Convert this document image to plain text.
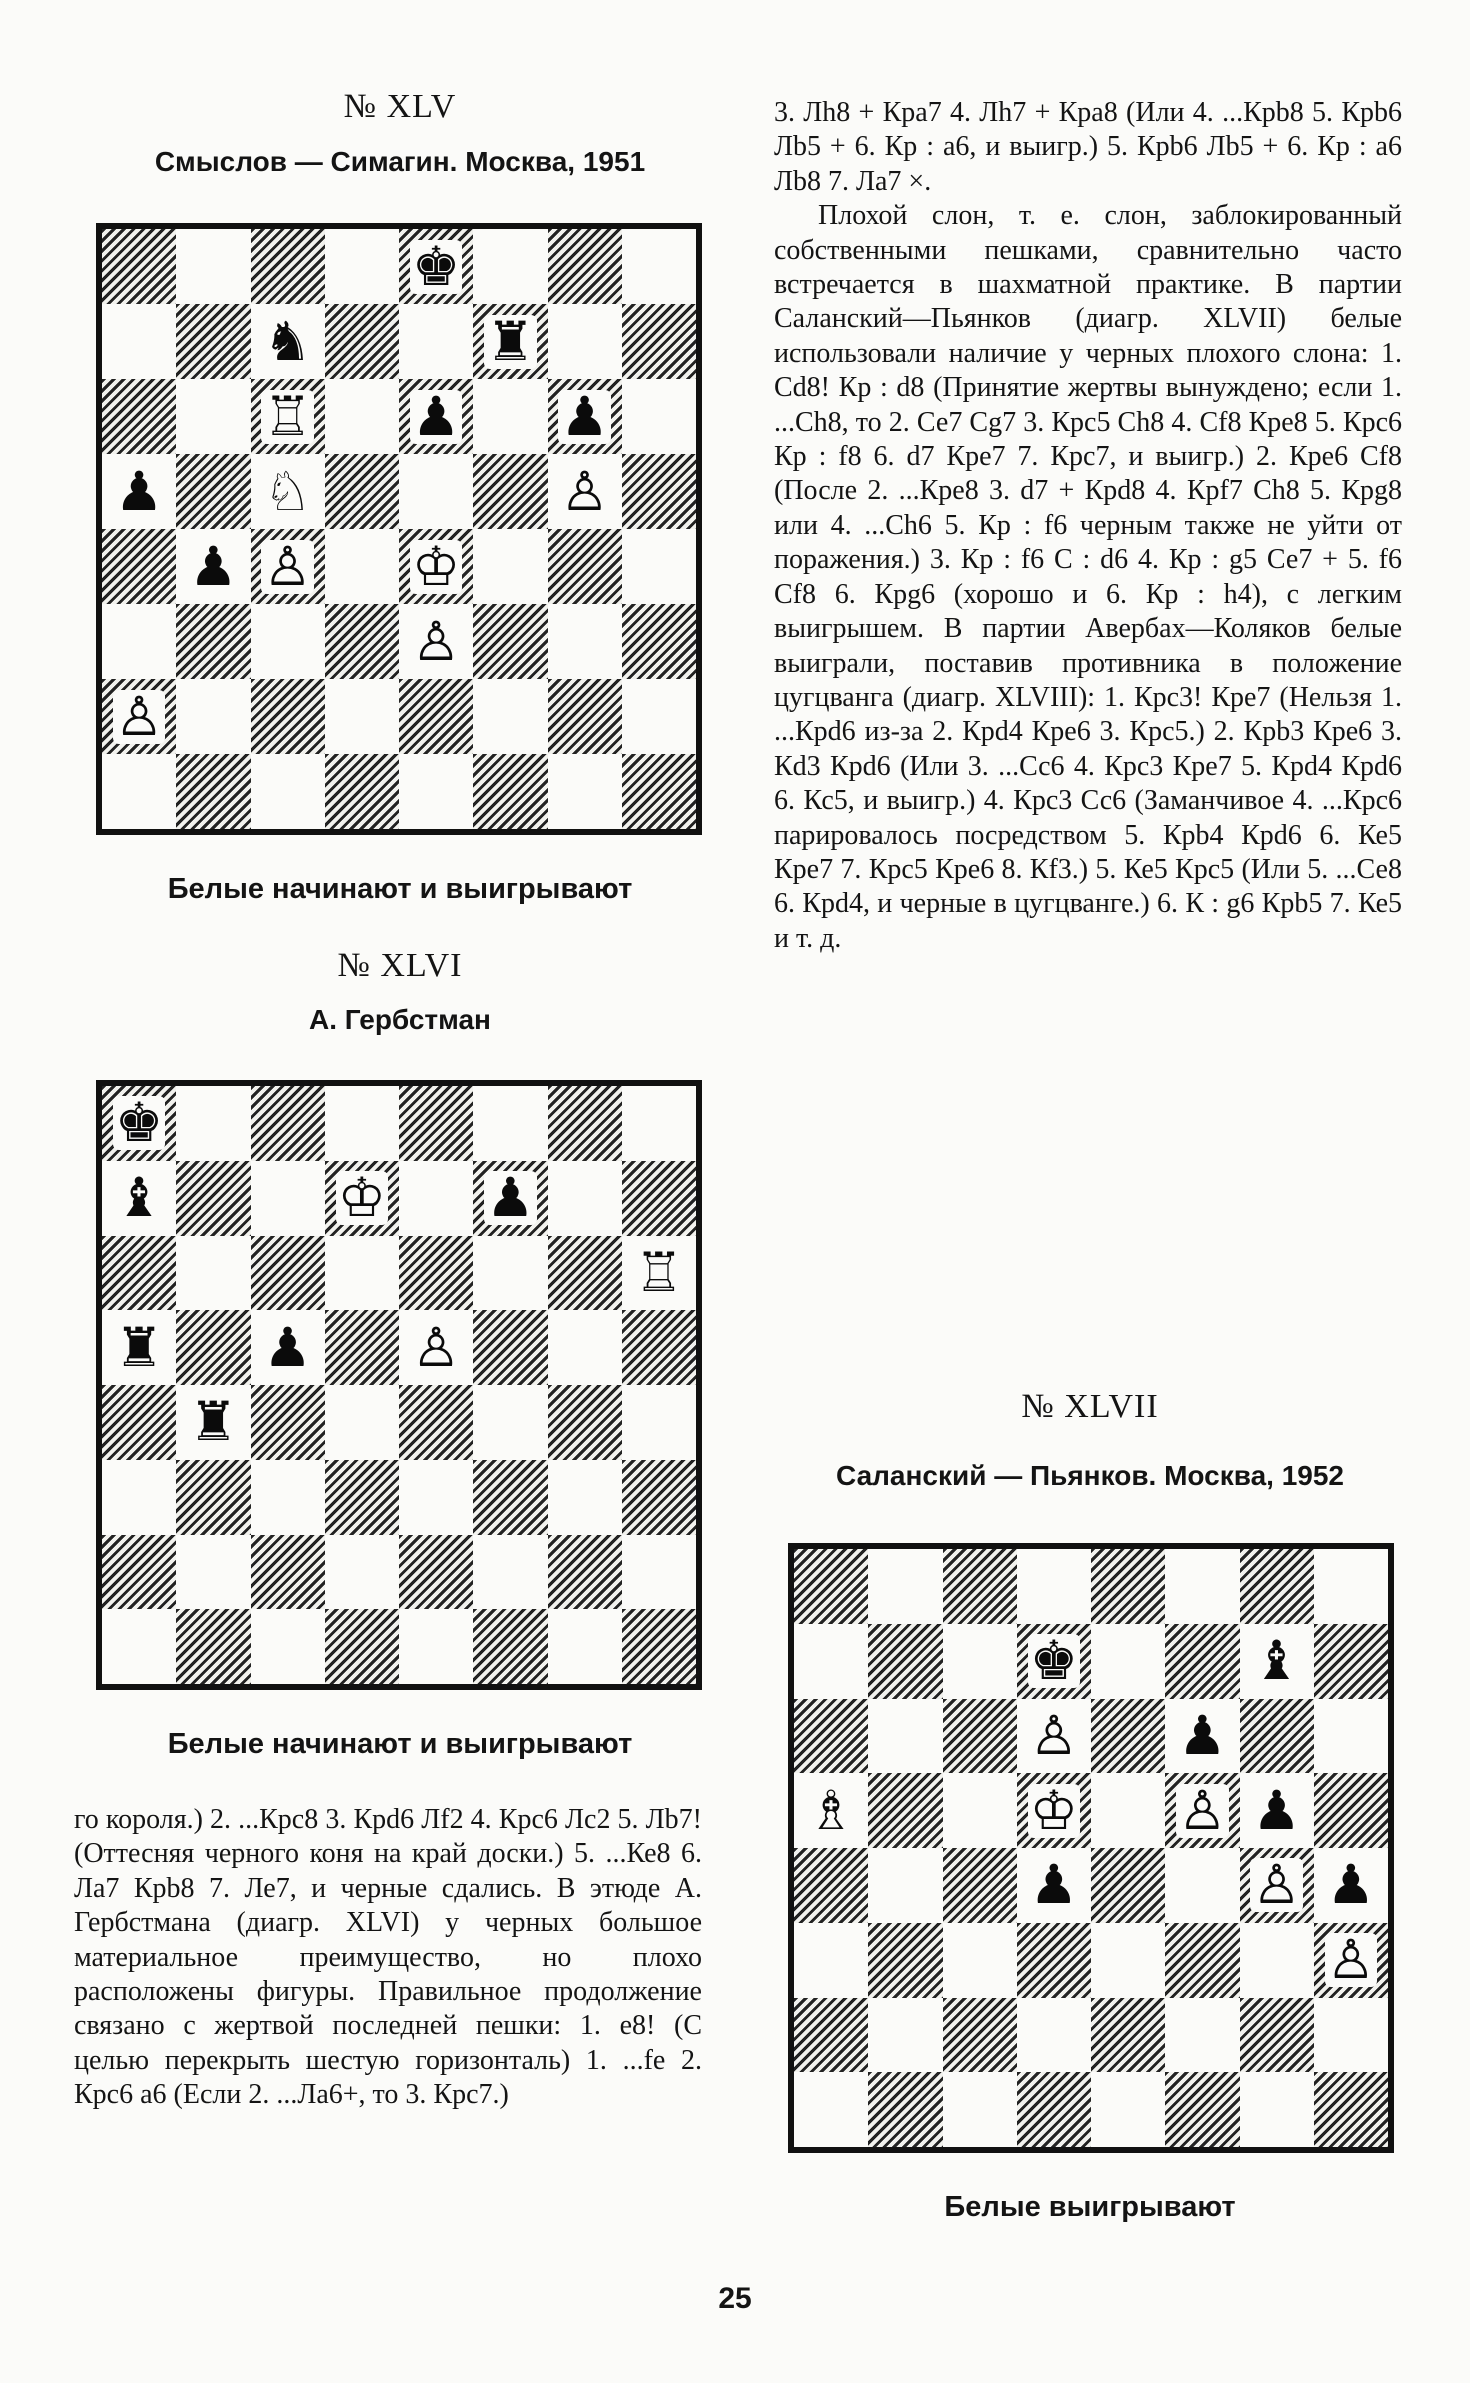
№ XLV
Смыслов — Симагин. Москва, 1951
♚
♞	♜
♖ ♟ ♟
♟ ♘	♙
♟ ♙ ♔
♙
♙
Белые начинают и выигрывают
№ XLVI
А. Гербстман
♚
♝	♔ ♟
♖
♜ ♟ ♙
♜
Белые начинают и выигрывают

го короля.) 2. ...Крс8 3. Крd6 Лf2 4. Крс6 Лс2 5. Лb7! (Оттесняя черного коня на край доски.) 5. ...Ке8 6. Ла7 Крb8 7. Ле7, и черные сдались. В этюде А. Гербстмана (диагр. XLVI) у черных большое материальное преимущество, но плохо расположены фигуры. Правильное продолжение связано с жертвой последней пешки: 1. е8! (С целью перекрыть шестую горизонталь) 1. ...fе 2. Крс6 а6 (Если 2. ...Ла6+, то 3. Крс7.)

3. Лh8 + Кра7 4. Лh7 + Кра8 (Или 4. ...Крb8 5. Крb6 Лb5 + 6. Кр : а6, и выигр.) 5. Крb6 Лb5 + 6. Кр : а6 Лb8 7. Ла7 ×.

Плохой слон, т. е. слон, заблокированный собственными пешками, сравнительно часто встречается в шахматной практике. В партии Саланский—Пьянков (диагр. XLVII) белые использовали наличие у черных плохого слона: 1. Сd8! Кр : d8 (Принятие жертвы вынуждено; если 1. ...Сh8, то 2. Се7 Сg7 3. Крс5 Сh8 4. Сf8 Кре8 5. Крс6 Кр : f8 6. d7 Кре7 7. Крс7, и выигр.) 2. Кре6 Сf8 (После 2. ...Кре8 3. d7 + Крd8 4. Крf7 Сh8 5. Крg8 или 4. ...Сh6 5. Кр : f6 черным также не уйти от поражения.) 3. Кр : f6 С : d6 4. Кр : g5 Се7 + 5. f6 Сf8 6. Крg6 (хорошо и 6. Кр : h4), с легким выигрышем. В партии Авербах—Коляков белые выиграли, поставив противника в положение цугцванга (диагр. XLVIII): 1. Крс3! Кре7 (Нельзя 1. ...Крd6 из-за 2. Крd4 Кре6 3. Крс5.) 2. Крb3 Кре6 3. Кd3 Крd6 (Или 3. ...Сс6 4. Крс3 Кре7 5. Крd4 Крd6 6. Кс5, и выигр.) 4. Крс3 Сс6 (Заманчивое 4. ...Крс6 парировалось посредством 5. Крb4 Крd6 6. Ке5 Кре7 7. Крс5 Кре6 8. Кf3.) 5. Ке5 Крс5 (Или 5. ...Се8 6. Крd4, и черные в цугцванге.) 6. К : g6 Крb5 7. Ке5 и т. д.

№ XLVII
Саланский — Пьянков. Москва, 1952
♚	♝
♙ ♟
♗	♔ ♙ ♟
♟	♙ ♟
♙
Белые выигрывают
25
